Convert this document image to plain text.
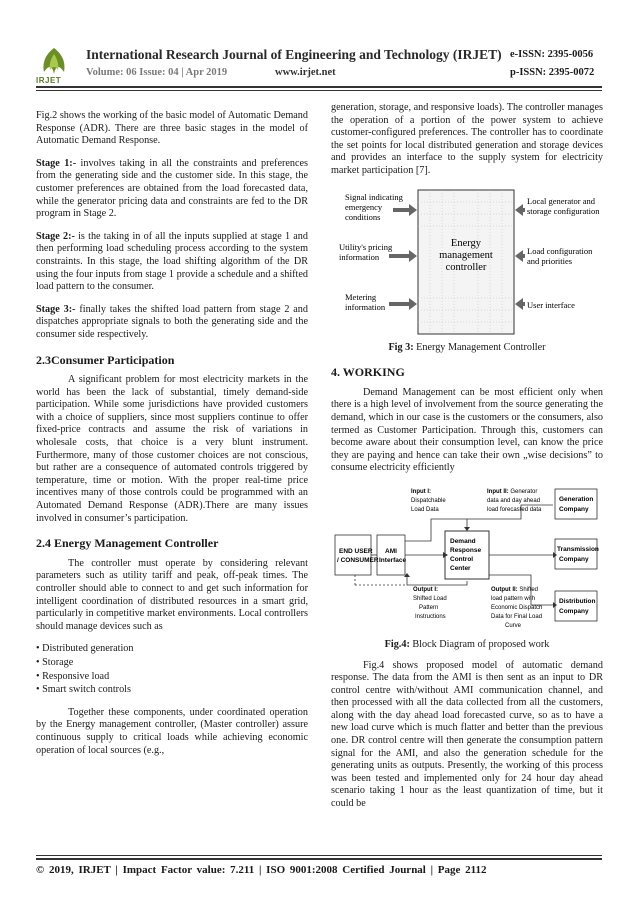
IRJET
International Research Journal of Engineering and Technology (IRJET) e-ISSN: 2395-0056
Volume: 06 Issue: 04 | Apr 2019	www.irjet.net	p-ISSN: 2395-0072

Fig.2 shows the working of the basic model of Automatic Demand Response (ADR). There are three basic stages in the model of Automatic Demand Response.

Stage 1:- involves taking in all the constraints and preferences from the generating side and the customer side. In this stage, the customer preferences are obtained from the load forecasted data, while the generator pricing data and constraints are fed to the DR program in Stage 2.

Stage 2:- is the taking in of all the inputs supplied at stage 1 and then performing load scheduling process according to the system constraints. In this stage, the load shifting algorithm of the DR using the four inputs from stage 1 provide a schedule and a shifted load pattern to the consumer.

Stage 3:- finally takes the shifted load pattern from stage 2 and dispatches appropriate signals to both the generating side and the consumer side respectively.

2.3Consumer Participation

A significant problem for most electricity markets in the world has been the lack of substantial, timely demand-side participation. While some jurisdictions have provided customers with a choice of suppliers, since most suppliers continue to offer fixed-price contracts and assume the risk of variations in wholesale costs, that choice is a very blunt instrument. Furthermore, many of those customer choices are not conscious, but rather are a consequence of automated controls triggered by temperature, time or motion. With the proper real-time price incentives many of those controls could be programmed with an Automated Demand Response (ADR).There are many issues involved in consumer’s participation.

2.4 Energy Management Controller

The controller must operate by considering relevant parameters such as utility tariff and peak, off-peak times. The controller should able to connect to and get such information for intelligent coordination of distributed resources in a smart grid, particularly in competitive market environments. Local controllers should manage devices such as

• Distributed generation
• Storage
• Responsive load
• Smart switch controls

Together these components, under coordinated operation by the Energy management controller, (Master controller) assure continuous supply to critical loads while achieving economic operation of local sources (e.g.,

generation, storage, and responsive loads). The controller manages the operation of a portion of the power system to achieve customer-configured preferences. The controller has to coordinate the set points for local distributed generation and storage devices and provides an interface to the supply system for electricity market participation [7].

Energy
management
controller
Signal indicating emergency conditions
Utility's pricing information
Metering information
Local generator and storage configuration
Load configuration and priorities
User interface
Fig 3: Energy Management Controller
4. WORKING

Demand Management can be most efficient only when there is a high level of involvement from the source generating the demand, which in our case is the customers or the consumers, also termed as Customer Participation. Through this, customers can become aware about their consumption level, can know the price they are paying and hence can take their own „wise decisions” to consume electricity efficiently

END USER / CONSUMER
AMI Interface
Demand Response Control Center
Generation Company
Transmission Company
Distribution Company
Input I: Dispatchable Load Data
Input II: Generator data and day ahead load forecasted data
Output I: Shifted Load Pattern Instructions
Output II: Shifted load pattern with Economic Dispatch Data for Final Load Curve
Fig.4: Block Diagram of proposed work

Fig.4 shows proposed model of automatic demand response. The data from the AMI is then sent as an input to DR control centre with/without AMI communication channel, and then processed with all the data collected from all the customers, along with the day ahead load forecasted curve, so as to have a new load curve which is much flatter and better than the previous one. DR control centre will then generate the consumption pattern signal for the AMI, and also the generation schedule for the generating units as outputs. Presently, the working of this process was been tested and implemented only for 24 hour day ahead scenario taking 1 hour as the least quantization of time, but it could be

© 2019, IRJET | Impact Factor value: 7.211 | ISO 9001:2008 Certified Journal | Page 2112
